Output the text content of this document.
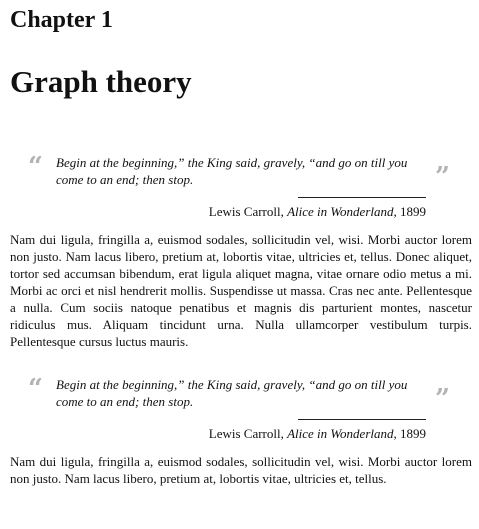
Chapter 1
Graph theory
“	”
Begin at the beginning,” the King said, gravely, “and go on till you come to an end; then stop.
Lewis Carroll, Alice in Wonderland, 1899

Nam dui ligula, fringilla a, euismod sodales, sollicitudin vel, wisi. Morbi auctor lorem non justo. Nam lacus libero, pretium at, lobortis vitae, ultricies et, tellus. Donec aliquet, tortor sed accumsan bibendum, erat ligula aliquet magna, vitae ornare odio metus a mi. Morbi ac orci et nisl hendrerit mollis. Suspendisse ut massa. Cras nec ante. Pellentesque a nulla. Cum sociis natoque penatibus et magnis dis parturient montes, nascetur ridiculus mus. Aliquam tincidunt urna. Nulla ullamcorper vestibulum turpis. Pellentesque cursus luctus mauris.

“	”
Begin at the beginning,” the King said, gravely, “and go on till you come to an end; then stop.
Lewis Carroll, Alice in Wonderland, 1899

Nam dui ligula, fringilla a, euismod sodales, sollicitudin vel, wisi. Morbi auctor lorem non justo. Nam lacus libero, pretium at, lobortis vitae, ultricies et, tellus.
